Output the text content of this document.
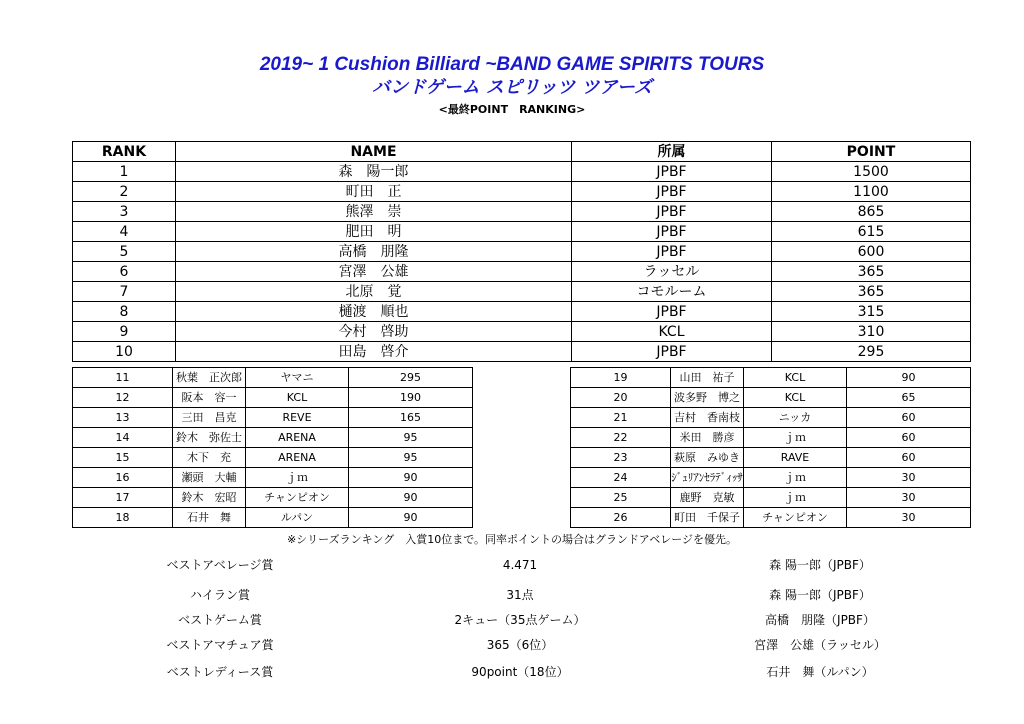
2019~ 1 Cushion Billiard ~BAND GAME SPIRITS TOURS
バンドゲーム スピリッツ ツアーズ
<最終POINT　RANKING>
RANK	NAME	所属	POINT
1	森　陽一郎	JPBF	1500
2	町田　正	JPBF	1100
3	熊澤　崇	JPBF	865
4	肥田　明	JPBF	615
5	高橋　朋隆	JPBF	600
6	宮澤　公雄	ラッセル	365
7	北原　覚	コモルーム	365
8	樋渡　順也	JPBF	315
9	今村　啓助	KCL	310
10	田島　啓介	JPBF	295
11	秋葉　正次郎	ヤマニ	295
12	阪本　容一	KCL	190
13	三田　昌克	REVE	165
14	鈴木　弥佐士	ARENA	95
15	木下　充	ARENA	95
16	瀬頭　大輔	ｊｍ	90
17	鈴木　宏昭	チャンピオン	90
18	石井　舞	ルパン	90
19	山田　祐子	KCL	90
20	波多野　博之	KCL	65
21	吉村　香南枝	ニッカ	60
22	米田　勝彦	ｊｍ	60
23	萩原　みゆき	RAVE	60
24	ｼﾞｭﾘｱﾝｾﾗﾃﾞｨｯｻ	ｊｍ	30
25	鹿野　克敏	ｊｍ	30
26	町田　千保子	チャンピオン	30
※シリーズランキング　入賞10位まで。同率ポイントの場合はグランドアベレージを優先。
ベストアベレージ賞	4.471	森 陽一郎（JPBF）
ハイラン賞	31点	森 陽一郎（JPBF）
ベストゲーム賞	2キュー（35点ゲーム）	高橋　朋隆（JPBF）
ベストアマチュア賞	365（6位）	宮澤　公雄（ラッセル）
ベストレディース賞	90point（18位）	石井　舞（ルパン）
